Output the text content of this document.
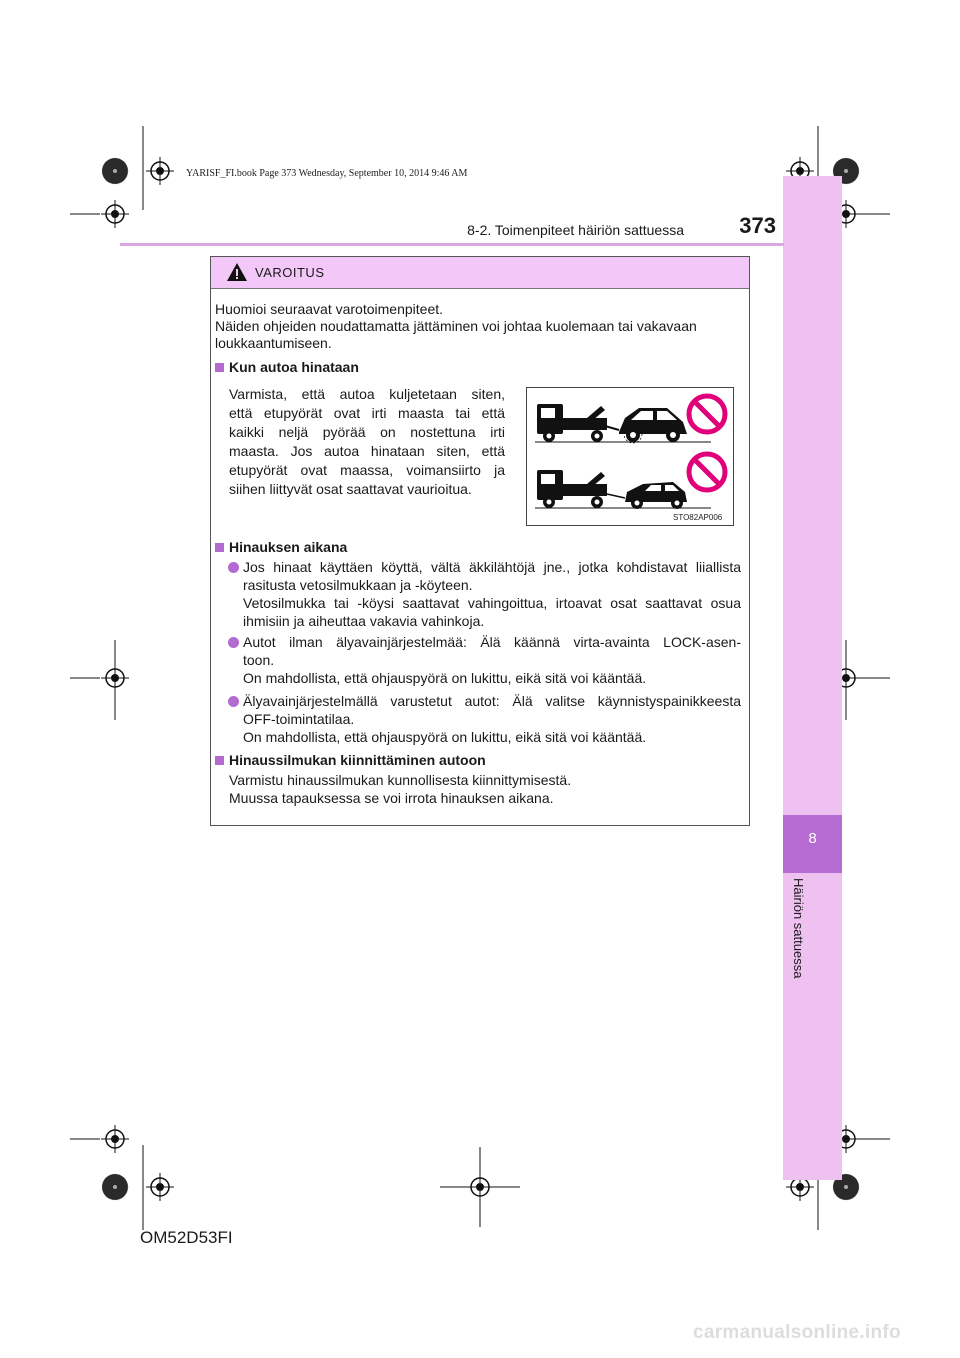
YARISF_FI.book Page 373 Wednesday, September 10, 2014 9:46 AM
8
Häiriön sattuessa
8-2. Toimenpiteet häiriön sattuessa	373
VAROITUS
Huomioi seuraavat varotoimenpiteet.
Näiden ohjeiden noudattamatta jättäminen voi johtaa kuolemaan tai vakavaan
loukkaantumiseen.
Kun autoa hinataan
Varmista, että autoa kuljetetaan siten,
että etupyörät ovat irti maasta tai että
kaikki neljä pyörää on nostettuna irti
maasta. Jos autoa hinataan siten, että
etupyörät ovat maassa, voimansiirto ja
siihen liittyvät osat saattavat vaurioitua.
STO82AP006
Hinauksen aikana
Jos hinaat käyttäen köyttä, vältä äkkilähtöjä jne., jotka kohdistavat liiallista
rasitusta vetosilmukkaan ja -köyteen.
Vetosilmukka tai -köysi saattavat vahingoittua, irtoavat osat saattavat osua
ihmisiin ja aiheuttaa vakavia vahinkoja.
Autot ilman älyavainjärjestelmää: Älä käännä virta-avainta LOCK-asen-
toon.
On mahdollista, että ohjauspyörä on lukittu, eikä sitä voi kääntää.
Älyavainjärjestelmällä varustetut autot: Älä valitse käynnistyspainikkeesta
OFF-toimintatilaa.
On mahdollista, että ohjauspyörä on lukittu, eikä sitä voi kääntää.
Hinaussilmukan kiinnittäminen autoon
Varmistu hinaussilmukan kunnollisesta kiinnittymisestä.
Muussa tapauksessa se voi irrota hinauksen aikana.
OM52D53FI
carmanualsonline.info
